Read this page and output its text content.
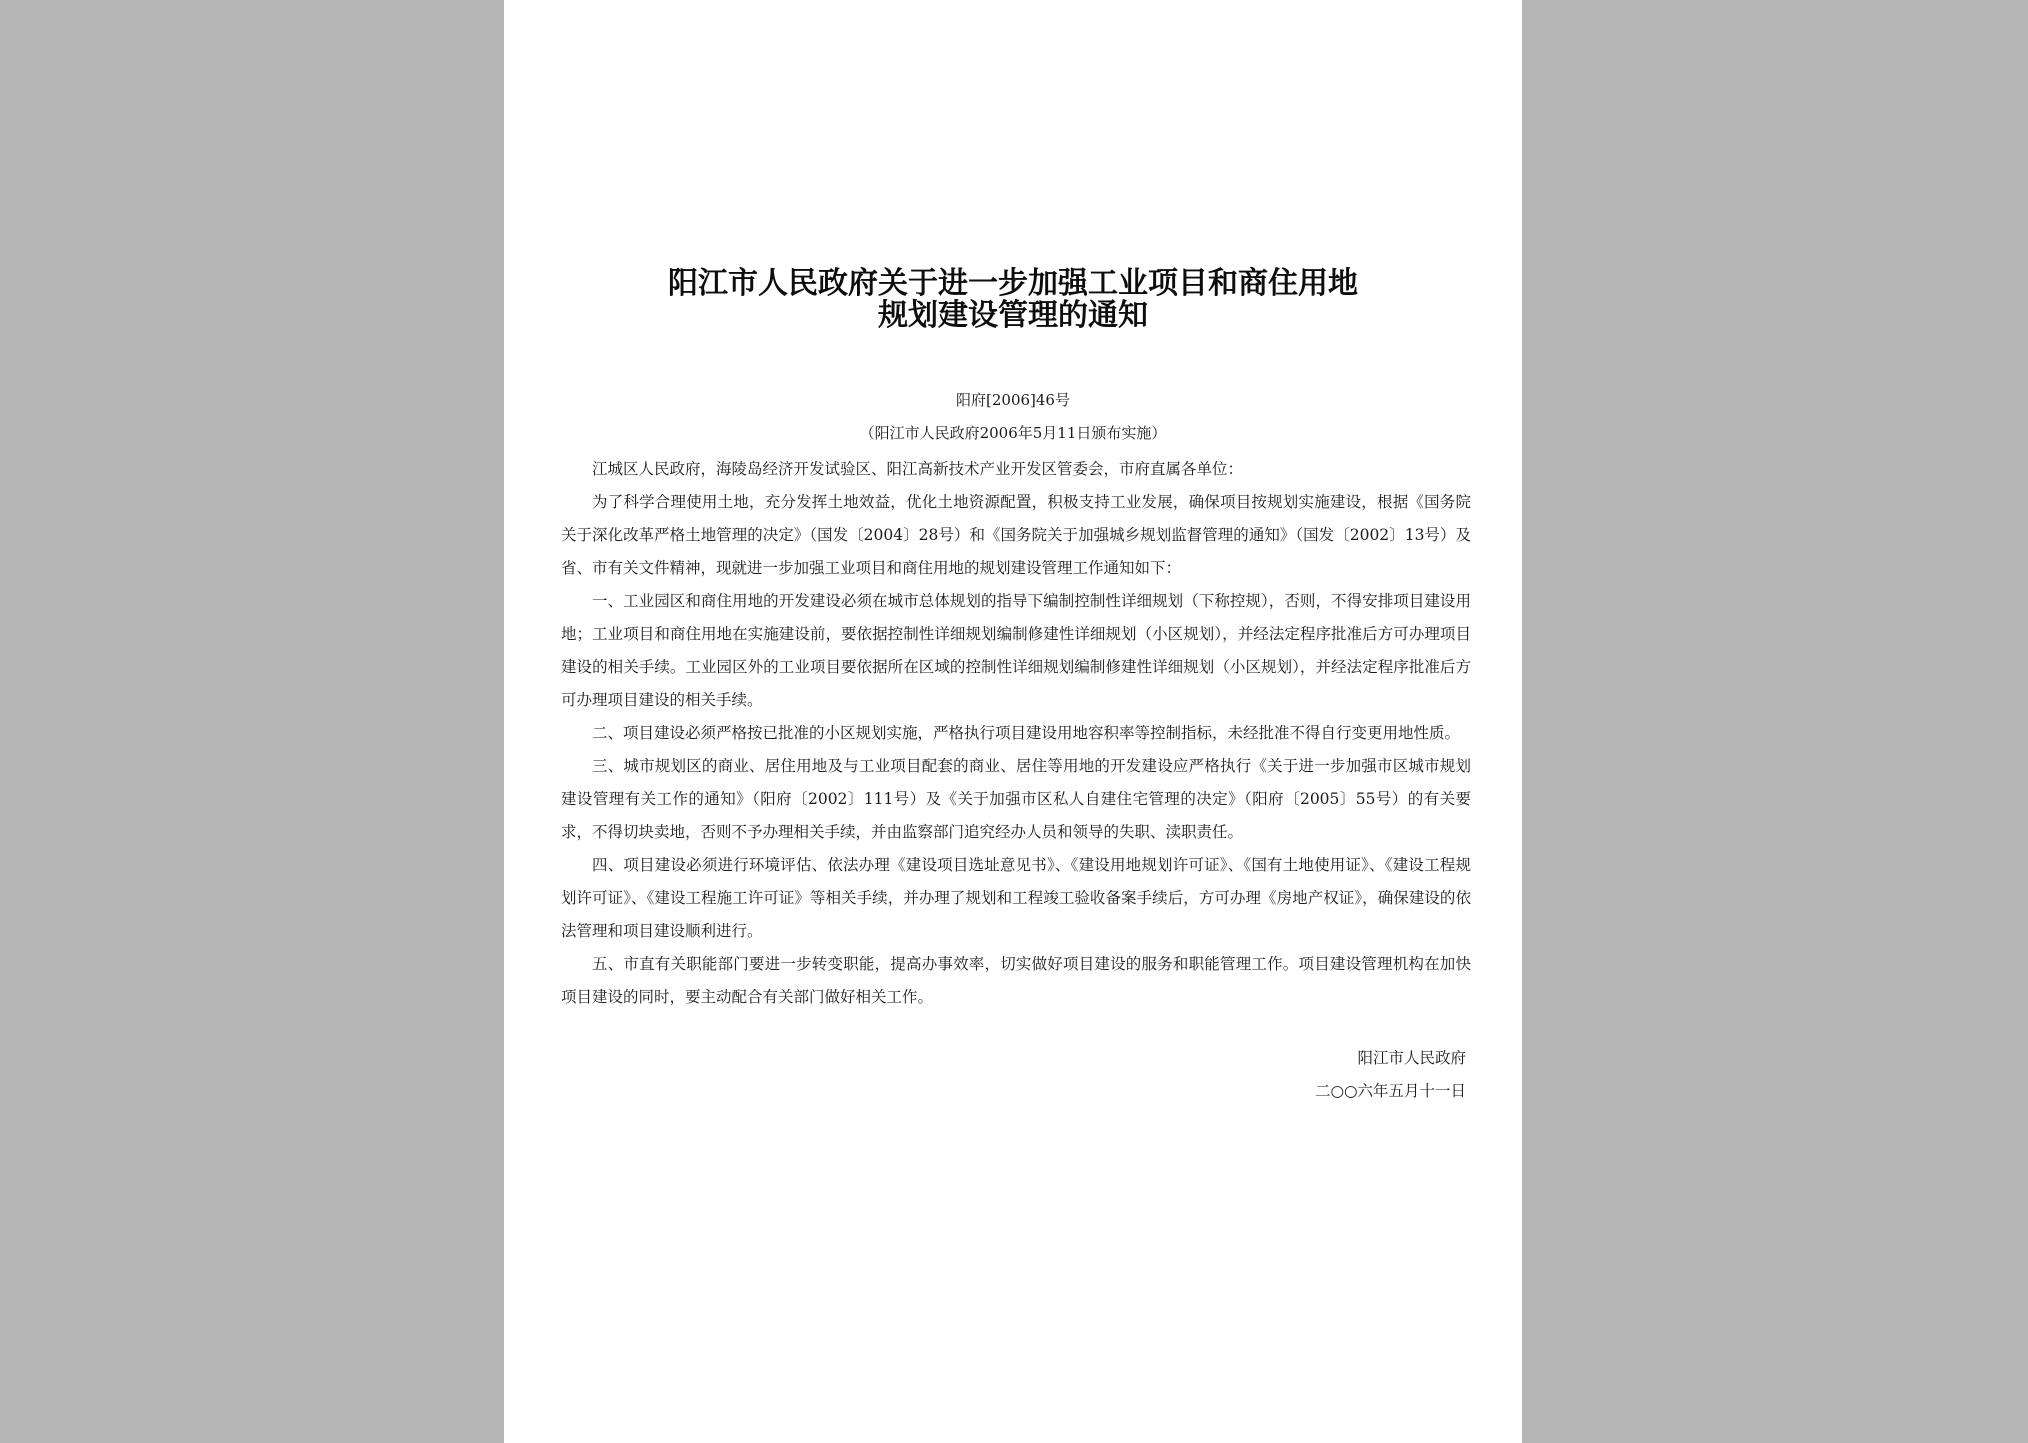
阳江市人民政府关于进一步加强工业项目和商住用地
规划建设管理的通知
阳府[2006]46号
（阳江市人民政府2006年5月11日颁布实施）

江城区人民政府，海陵岛经济开发试验区、阳江高新技术产业开发区管委会，市府直属各单位：

为了科学合理使用土地，充分发挥土地效益，优化土地资源配置，积极支持工业发展，确保项目按规划实施建设，根据《国务院关于深化改革严格土地管理的决定》（国发〔2004〕28号）和《国务院关于加强城乡规划监督管理的通知》（国发〔2002〕13号）及省、市有关文件精神，现就进一步加强工业项目和商住用地的规划建设管理工作通知如下：

一、工业园区和商住用地的开发建设必须在城市总体规划的指导下编制控制性详细规划（下称控规），否则，不得安排项目建设用地；工业项目和商住用地在实施建设前，要依据控制性详细规划编制修建性详细规划（小区规划），并经法定程序批准后方可办理项目建设的相关手续。工业园区外的工业项目要依据所在区域的控制性详细规划编制修建性详细规划（小区规划），并经法定程序批准后方可办理项目建设的相关手续。

二、项目建设必须严格按已批准的小区规划实施，严格执行项目建设用地容积率等控制指标，未经批准不得自行变更用地性质。

三、城市规划区的商业、居住用地及与工业项目配套的商业、居住等用地的开发建设应严格执行《关于进一步加强市区城市规划建设管理有关工作的通知》（阳府〔2002〕111号）及《关于加强市区私人自建住宅管理的决定》（阳府〔2005〕55号）的有关要求，不得切块卖地，否则不予办理相关手续，并由监察部门追究经办人员和领导的失职、渎职责任。

四、项目建设必须进行环境评估、依法办理《建设项目选址意见书》、《建设用地规划许可证》、《国有土地使用证》、《建设工程规划许可证》、《建设工程施工许可证》等相关手续，并办理了规划和工程竣工验收备案手续后，方可办理《房地产权证》，确保建设的依法管理和项目建设顺利进行。

五、市直有关职能部门要进一步转变职能，提高办事效率，切实做好项目建设的服务和职能管理工作。项目建设管理机构在加快项目建设的同时，要主动配合有关部门做好相关工作。

阳江市人民政府
二○○六年五月十一日
